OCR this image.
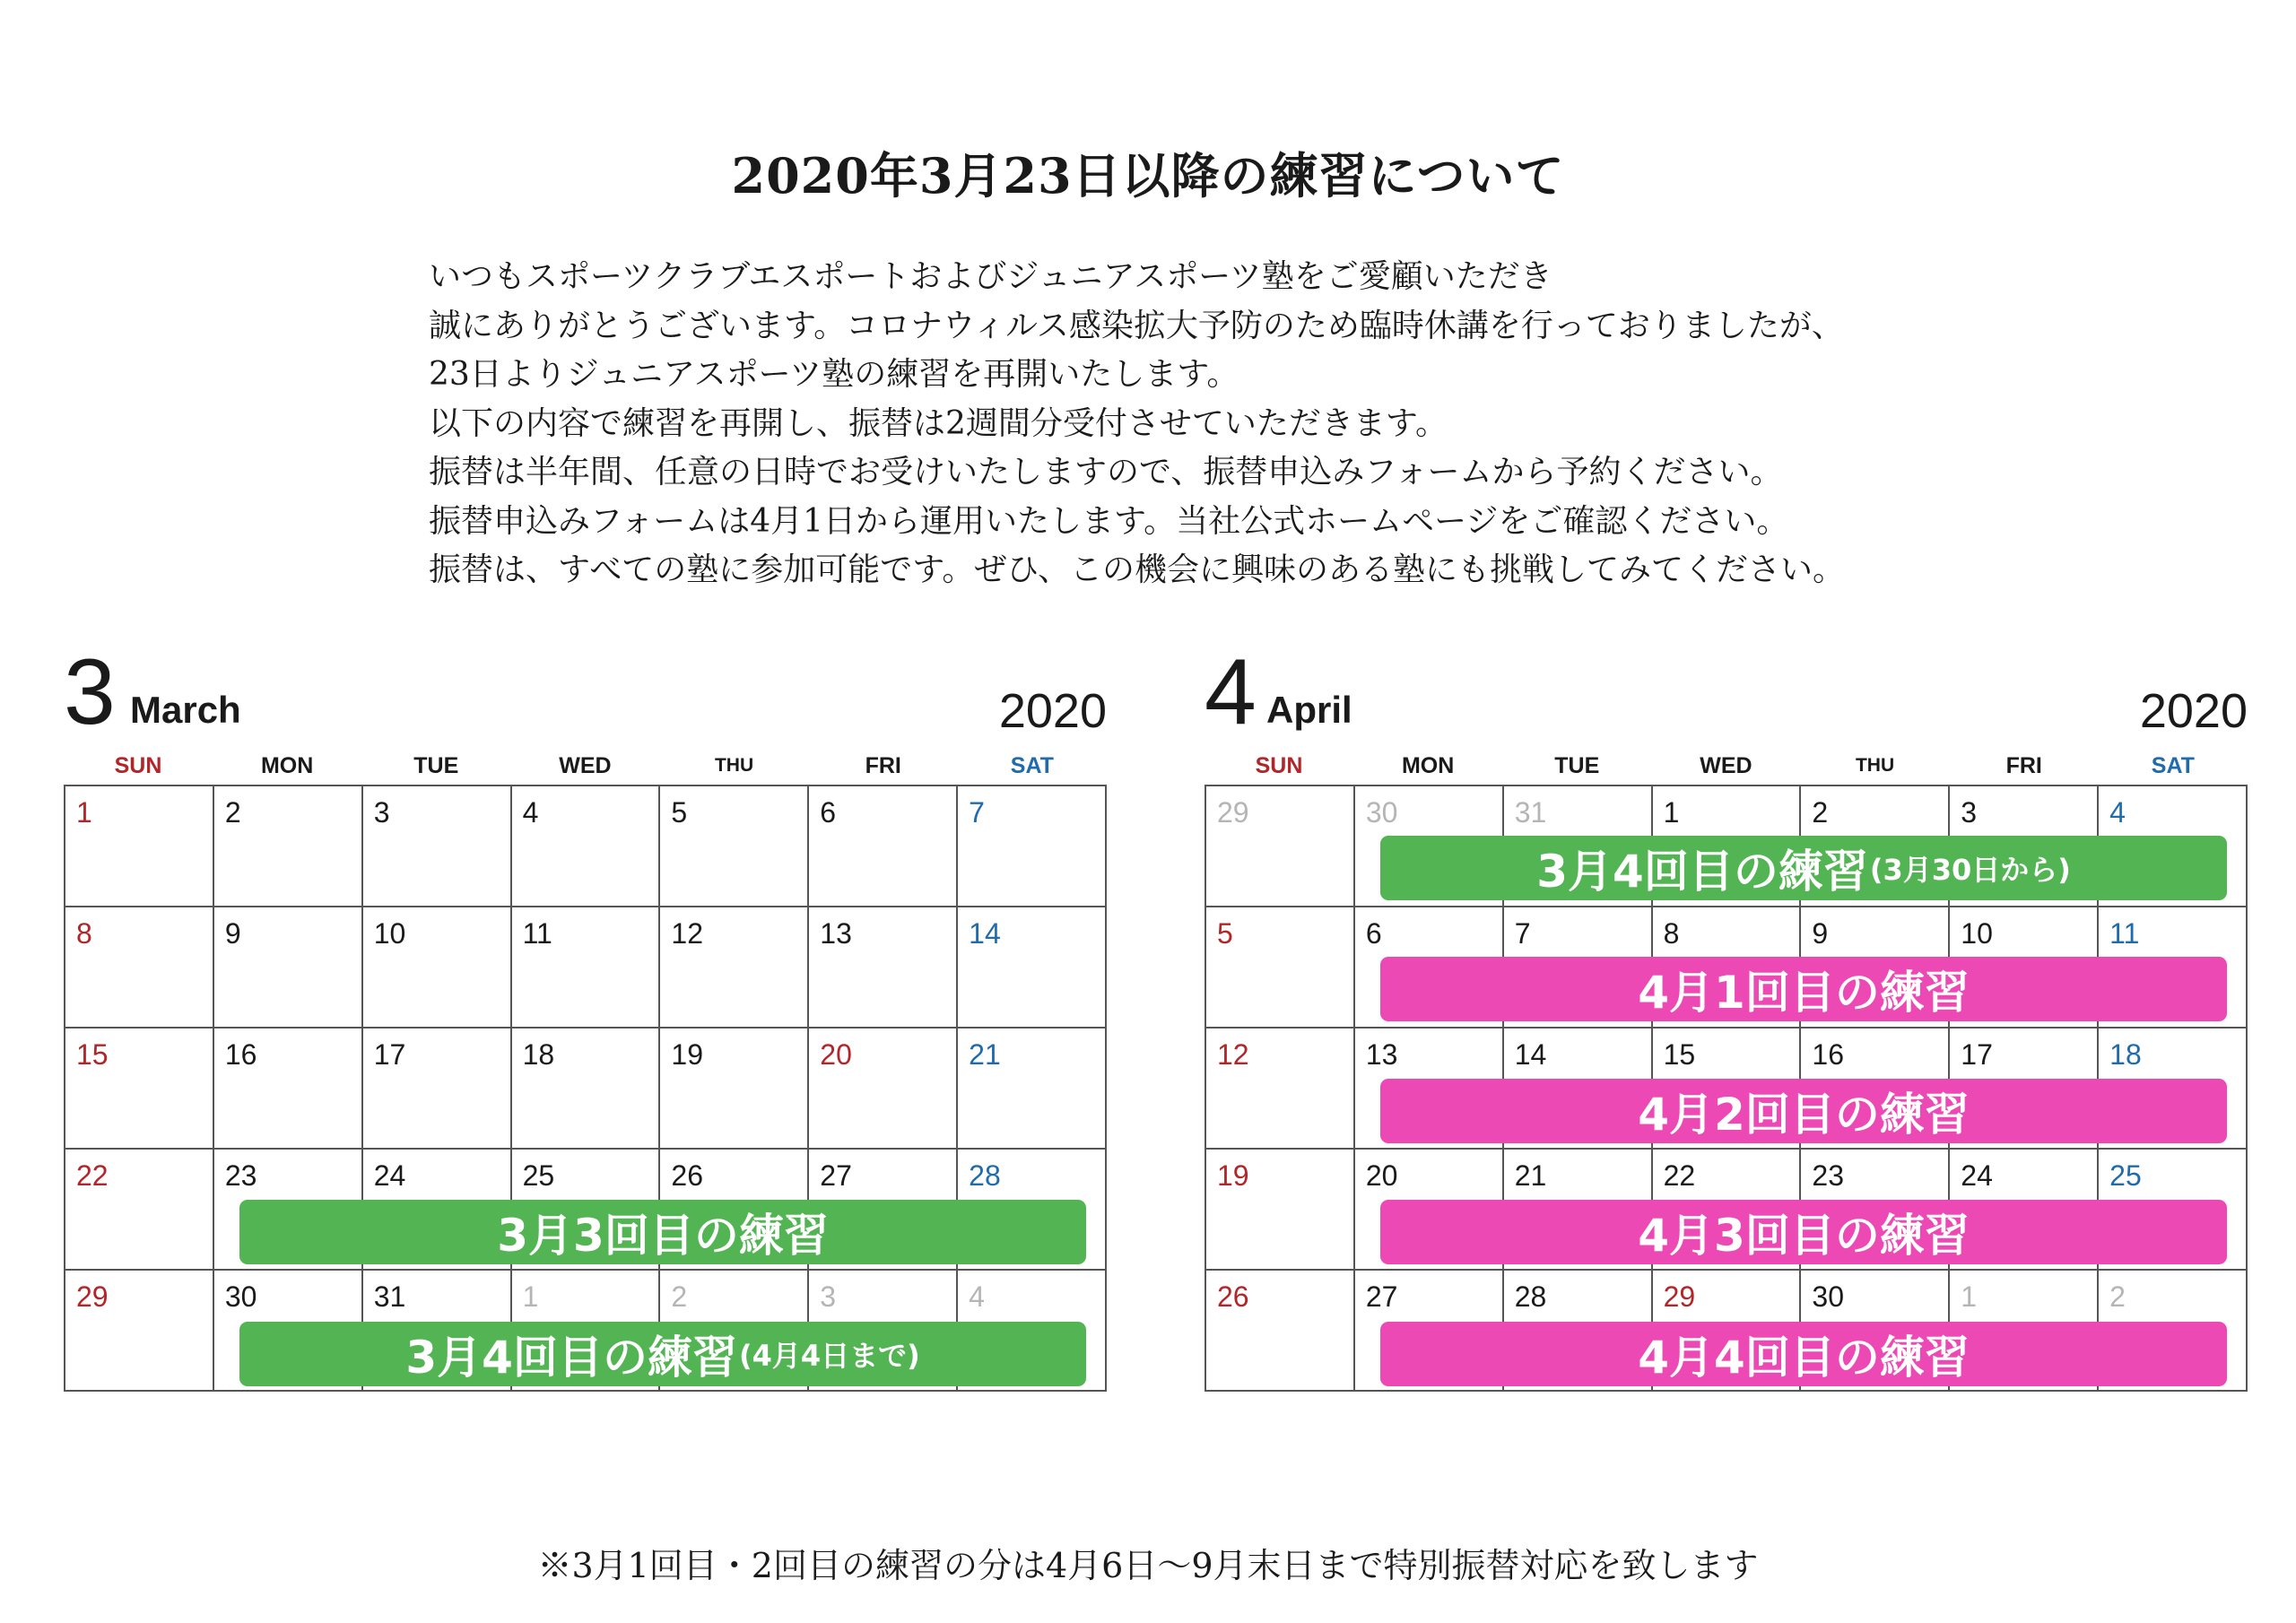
2020年3月23日以降の練習について

いつもスポーツクラブエスポートおよびジュニアスポーツ塾をご愛顧いただき

誠にありがとうございます。コロナウィルス感染拡大予防のため臨時休講を行っておりましたが、

23日よりジュニアスポーツ塾の練習を再開いたします。

以下の内容で練習を再開し、振替は2週間分受付させていただきます。

振替は半年間、任意の日時でお受けいたしますので、振替申込みフォームから予約ください。

振替申込みフォームは4月1日から運用いたします。当社公式ホームページをご確認ください。

振替は、すべての塾に参加可能です。ぜひ、この機会に興味のある塾にも挑戦してみてください。

3 March	2020
SUN	MON	TUE	WED	THU	FRI	SAT
1	2	3	4	5	6	7
8	9	10	11	12	13	14
15	16	17	18	19	20	21
22	23	24	25	26	27	28
29	30	31	1	2	3	4
3月3回目の練習
3月4回目の練習 (4月4日まで)
4 April	2020
SUN	MON	TUE	WED	THU	FRI	SAT
29	30	31	1	2	3	4
5	6	7	8	9	10	11
12	13	14	15	16	17	18
19	20	21	22	23	24	25
26	27	28	29	30	1	2
3月4回目の練習 (3月30日から)
4月1回目の練習
4月2回目の練習
4月3回目の練習
4月4回目の練習

※3月1回目・2回目の練習の分は4月6日〜9月末日まで特別振替対応を致します
